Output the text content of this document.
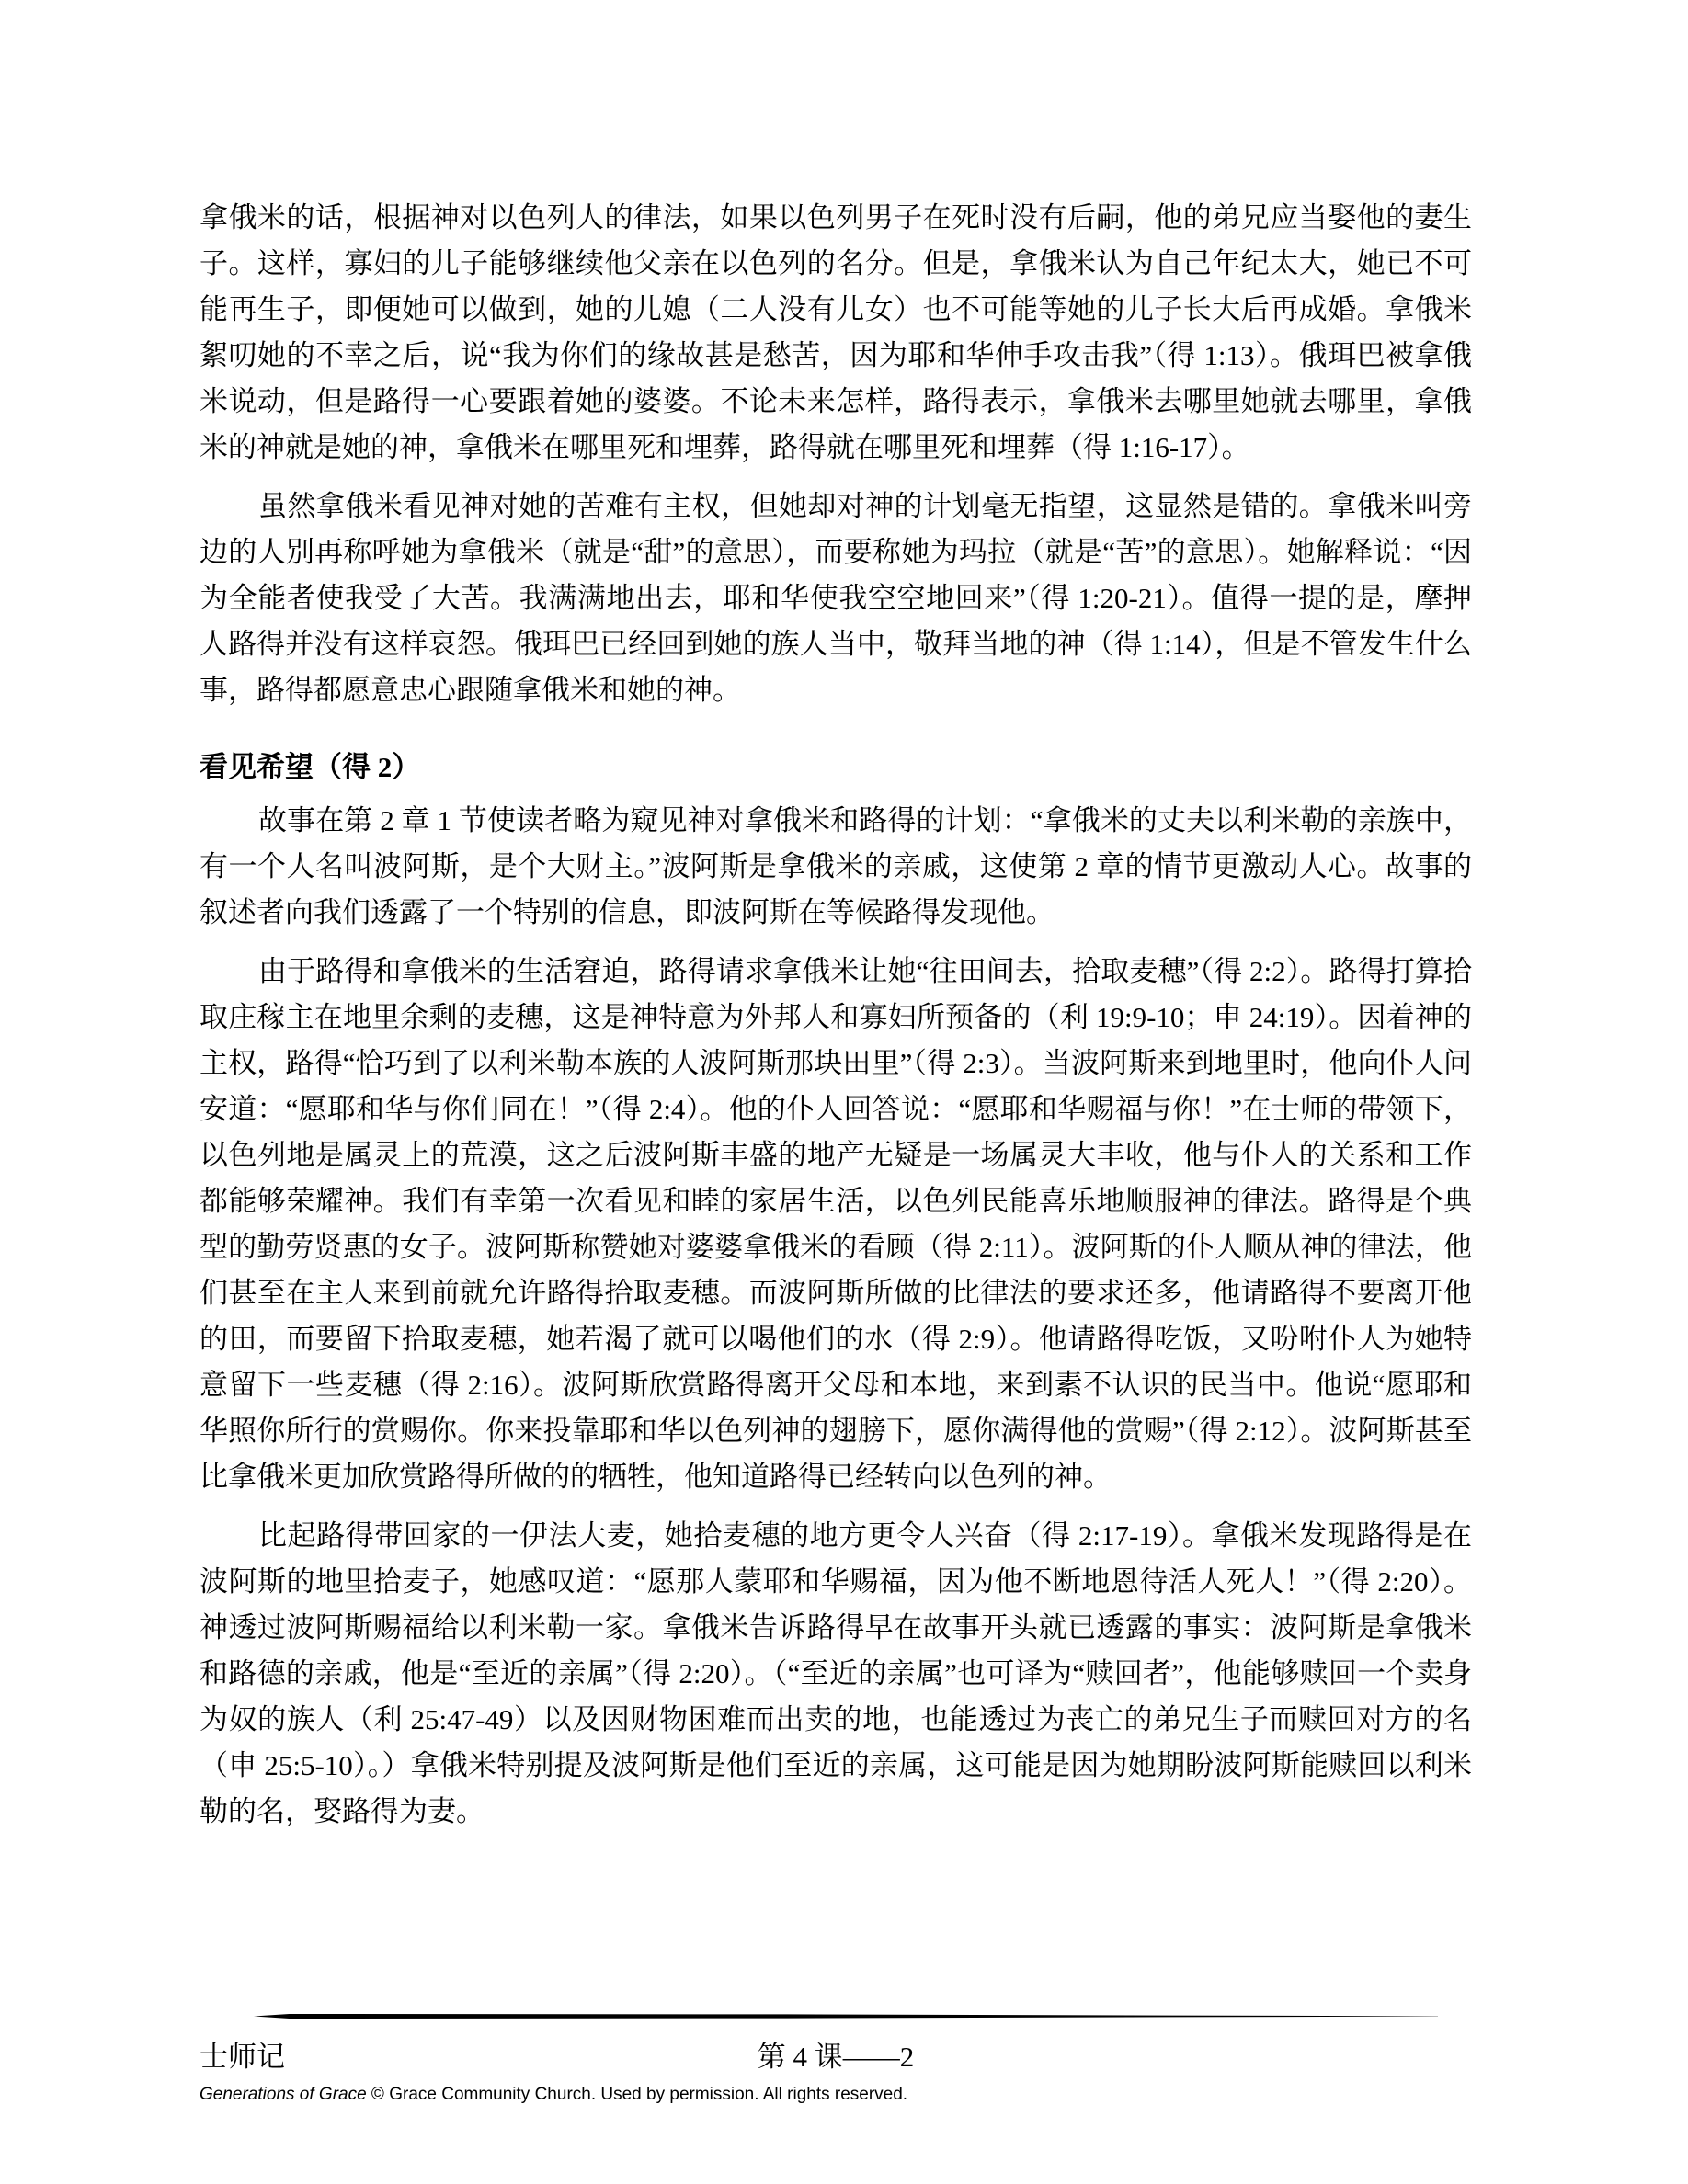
拿俄米的话，根据神对以色列人的律法，如果以色列男子在死时没有后嗣，他的弟兄应当娶他的妻生子。这样，寡妇的儿子能够继续他父亲在以色列的名分。但是，拿俄米认为自己年纪太大，她已不可能再生子，即便她可以做到，她的儿媳（二人没有儿女）也不可能等她的儿子长大后再成婚。拿俄米絮叨她的不幸之后，说“我为你们的缘故甚是愁苦，因为耶和华伸手攻击我”（得 1:13）。俄珥巴被拿俄米说动，但是路得一心要跟着她的婆婆。不论未来怎样，路得表示，拿俄米去哪里她就去哪里，拿俄米的神就是她的神，拿俄米在哪里死和埋葬，路得就在哪里死和埋葬（得 1:16-17）。

虽然拿俄米看见神对她的苦难有主权，但她却对神的计划毫无指望，这显然是错的。拿俄米叫旁边的人别再称呼她为拿俄米（就是“甜”的意思），而要称她为玛拉（就是“苦”的意思）。她解释说：“因为全能者使我受了大苦。我满满地出去，耶和华使我空空地回来”（得 1:20-21）。值得一提的是，摩押人路得并没有这样哀怨。俄珥巴已经回到她的族人当中，敬拜当地的神（得 1:14），但是不管发生什么事，路得都愿意忠心跟随拿俄米和她的神。

看见希望（得 2）

故事在第 2 章 1 节使读者略为窥见神对拿俄米和路得的计划：“拿俄米的丈夫以利米勒的亲族中，有一个人名叫波阿斯，是个大财主。”波阿斯是拿俄米的亲戚，这使第 2 章的情节更激动人心。故事的叙述者向我们透露了一个特别的信息，即波阿斯在等候路得发现他。

由于路得和拿俄米的生活窘迫，路得请求拿俄米让她“往田间去，拾取麦穗”（得 2:2）。路得打算拾取庄稼主在地里余剩的麦穗，这是神特意为外邦人和寡妇所预备的（利 19:9-10；申 24:19）。因着神的主权，路得“恰巧到了以利米勒本族的人波阿斯那块田里”（得 2:3）。当波阿斯来到地里时，他向仆人问安道：“愿耶和华与你们同在！”（得 2:4）。他的仆人回答说：“愿耶和华赐福与你！”在士师的带领下，以色列地是属灵上的荒漠，这之后波阿斯丰盛的地产无疑是一场属灵大丰收，他与仆人的关系和工作都能够荣耀神。我们有幸第一次看见和睦的家居生活，以色列民能喜乐地顺服神的律法。路得是个典型的勤劳贤惠的女子。波阿斯称赞她对婆婆拿俄米的看顾（得 2:11）。波阿斯的仆人顺从神的律法，他们甚至在主人来到前就允许路得拾取麦穗。而波阿斯所做的比律法的要求还多，他请路得不要离开他的田，而要留下拾取麦穗，她若渴了就可以喝他们的水（得 2:9）。他请路得吃饭，又吩咐仆人为她特意留下一些麦穗（得 2:16）。波阿斯欣赏路得离开父母和本地，来到素不认识的民当中。他说“愿耶和华照你所行的赏赐你。你来投靠耶和华以色列神的翅膀下，愿你满得他的赏赐”（得 2:12）。波阿斯甚至比拿俄米更加欣赏路得所做的的牺牲，他知道路得已经转向以色列的神。

比起路得带回家的一伊法大麦，她拾麦穗的地方更令人兴奋（得 2:17-19）。拿俄米发现路得是在波阿斯的地里拾麦子，她感叹道：“愿那人蒙耶和华赐福，因为他不断地恩待活人死人！”（得 2:20）。神透过波阿斯赐福给以利米勒一家。拿俄米告诉路得早在故事开头就已透露的事实：波阿斯是拿俄米和路德的亲戚，他是“至近的亲属”（得 2:20）。（“至近的亲属”也可译为“赎回者”，他能够赎回一个卖身为奴的族人（利 25:47-49）以及因财物困难而出卖的地，也能透过为丧亡的弟兄生子而赎回对方的名（申 25:5-10）。）拿俄米特别提及波阿斯是他们至近的亲属，这可能是因为她期盼波阿斯能赎回以利米勒的名，娶路得为妻。

士师记	第 4 课——2
Generations of Grace © Grace Community Church. Used by permission. All rights reserved.
